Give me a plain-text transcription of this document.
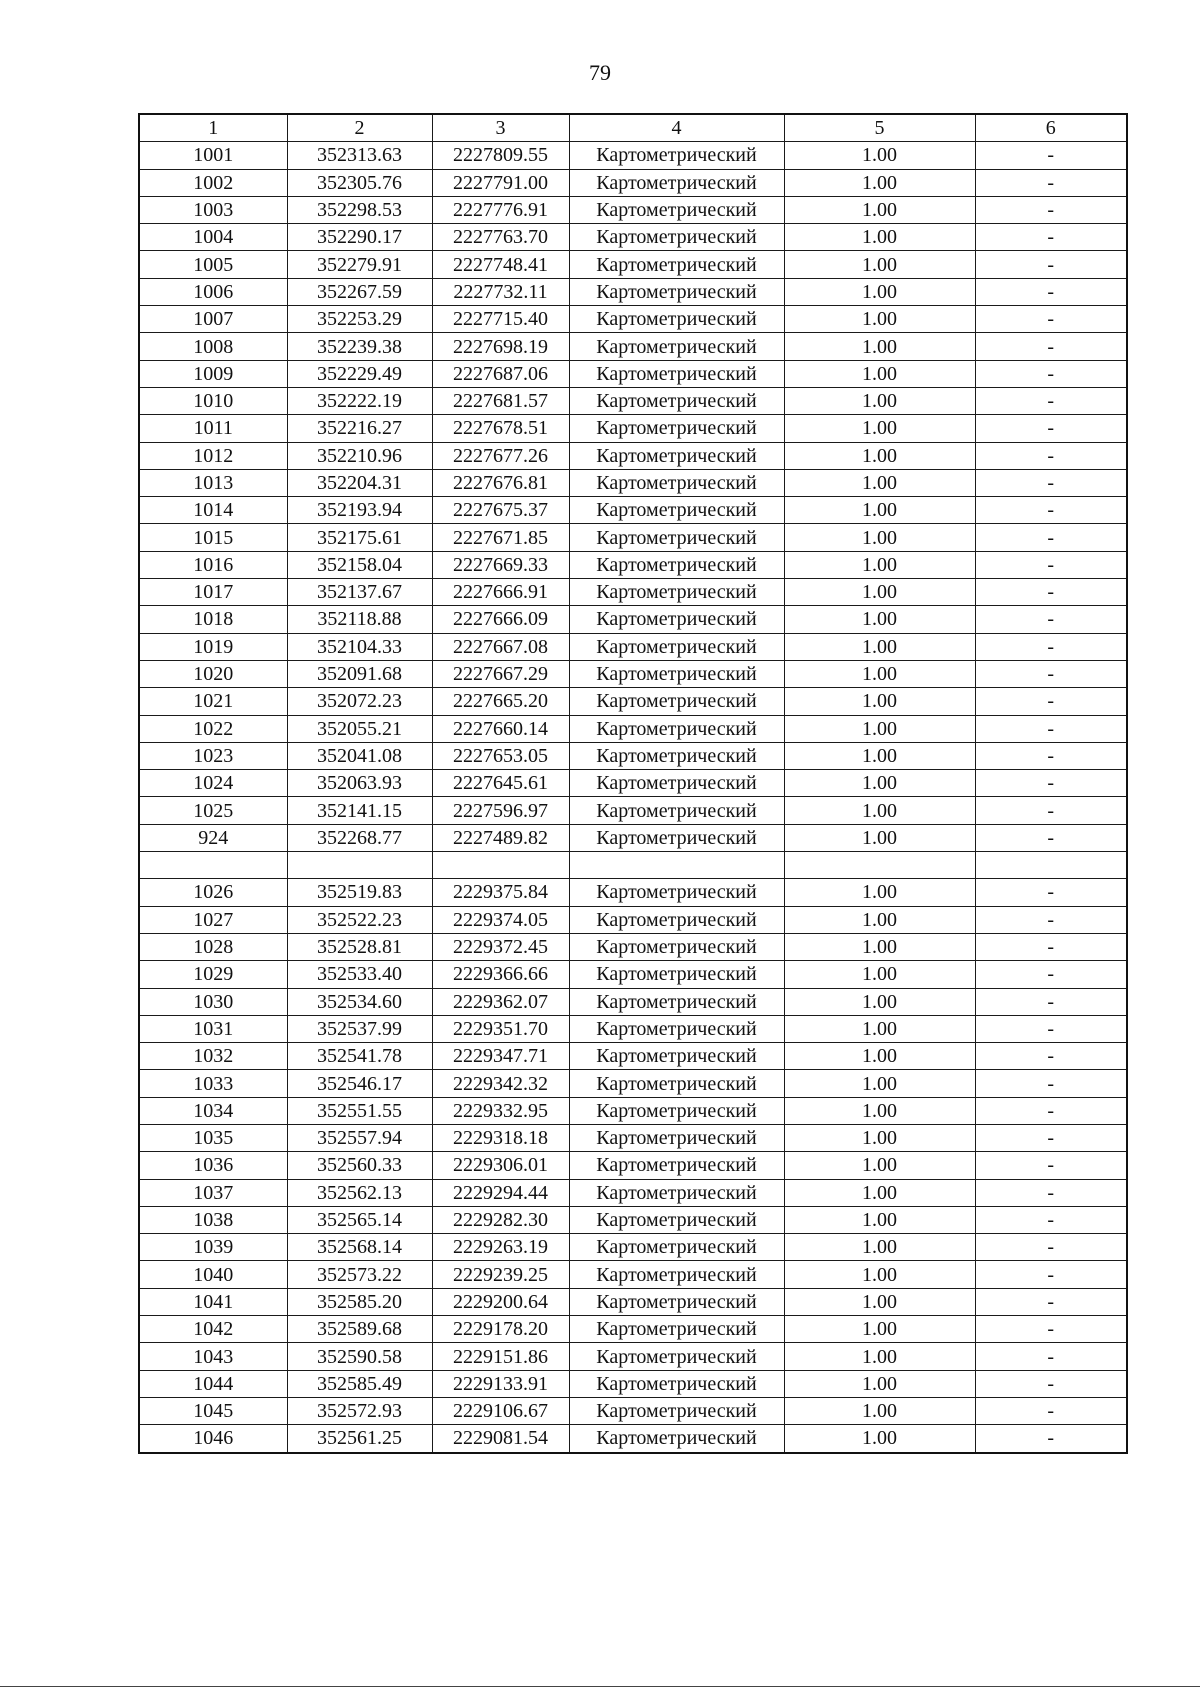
79
1	2	3	4	5	6
1001	352313.63	2227809.55	Картометрический	1.00	-
1002	352305.76	2227791.00	Картометрический	1.00	-
1003	352298.53	2227776.91	Картометрический	1.00	-
1004	352290.17	2227763.70	Картометрический	1.00	-
1005	352279.91	2227748.41	Картометрический	1.00	-
1006	352267.59	2227732.11	Картометрический	1.00	-
1007	352253.29	2227715.40	Картометрический	1.00	-
1008	352239.38	2227698.19	Картометрический	1.00	-
1009	352229.49	2227687.06	Картометрический	1.00	-
1010	352222.19	2227681.57	Картометрический	1.00	-
1011	352216.27	2227678.51	Картометрический	1.00	-
1012	352210.96	2227677.26	Картометрический	1.00	-
1013	352204.31	2227676.81	Картометрический	1.00	-
1014	352193.94	2227675.37	Картометрический	1.00	-
1015	352175.61	2227671.85	Картометрический	1.00	-
1016	352158.04	2227669.33	Картометрический	1.00	-
1017	352137.67	2227666.91	Картометрический	1.00	-
1018	352118.88	2227666.09	Картометрический	1.00	-
1019	352104.33	2227667.08	Картометрический	1.00	-
1020	352091.68	2227667.29	Картометрический	1.00	-
1021	352072.23	2227665.20	Картометрический	1.00	-
1022	352055.21	2227660.14	Картометрический	1.00	-
1023	352041.08	2227653.05	Картометрический	1.00	-
1024	352063.93	2227645.61	Картометрический	1.00	-
1025	352141.15	2227596.97	Картометрический	1.00	-
924	352268.77	2227489.82	Картометрический	1.00	-

1026	352519.83	2229375.84	Картометрический	1.00	-
1027	352522.23	2229374.05	Картометрический	1.00	-
1028	352528.81	2229372.45	Картометрический	1.00	-
1029	352533.40	2229366.66	Картометрический	1.00	-
1030	352534.60	2229362.07	Картометрический	1.00	-
1031	352537.99	2229351.70	Картометрический	1.00	-
1032	352541.78	2229347.71	Картометрический	1.00	-
1033	352546.17	2229342.32	Картометрический	1.00	-
1034	352551.55	2229332.95	Картометрический	1.00	-
1035	352557.94	2229318.18	Картометрический	1.00	-
1036	352560.33	2229306.01	Картометрический	1.00	-
1037	352562.13	2229294.44	Картометрический	1.00	-
1038	352565.14	2229282.30	Картометрический	1.00	-
1039	352568.14	2229263.19	Картометрический	1.00	-
1040	352573.22	2229239.25	Картометрический	1.00	-
1041	352585.20	2229200.64	Картометрический	1.00	-
1042	352589.68	2229178.20	Картометрический	1.00	-
1043	352590.58	2229151.86	Картометрический	1.00	-
1044	352585.49	2229133.91	Картометрический	1.00	-
1045	352572.93	2229106.67	Картометрический	1.00	-
1046	352561.25	2229081.54	Картометрический	1.00	-
